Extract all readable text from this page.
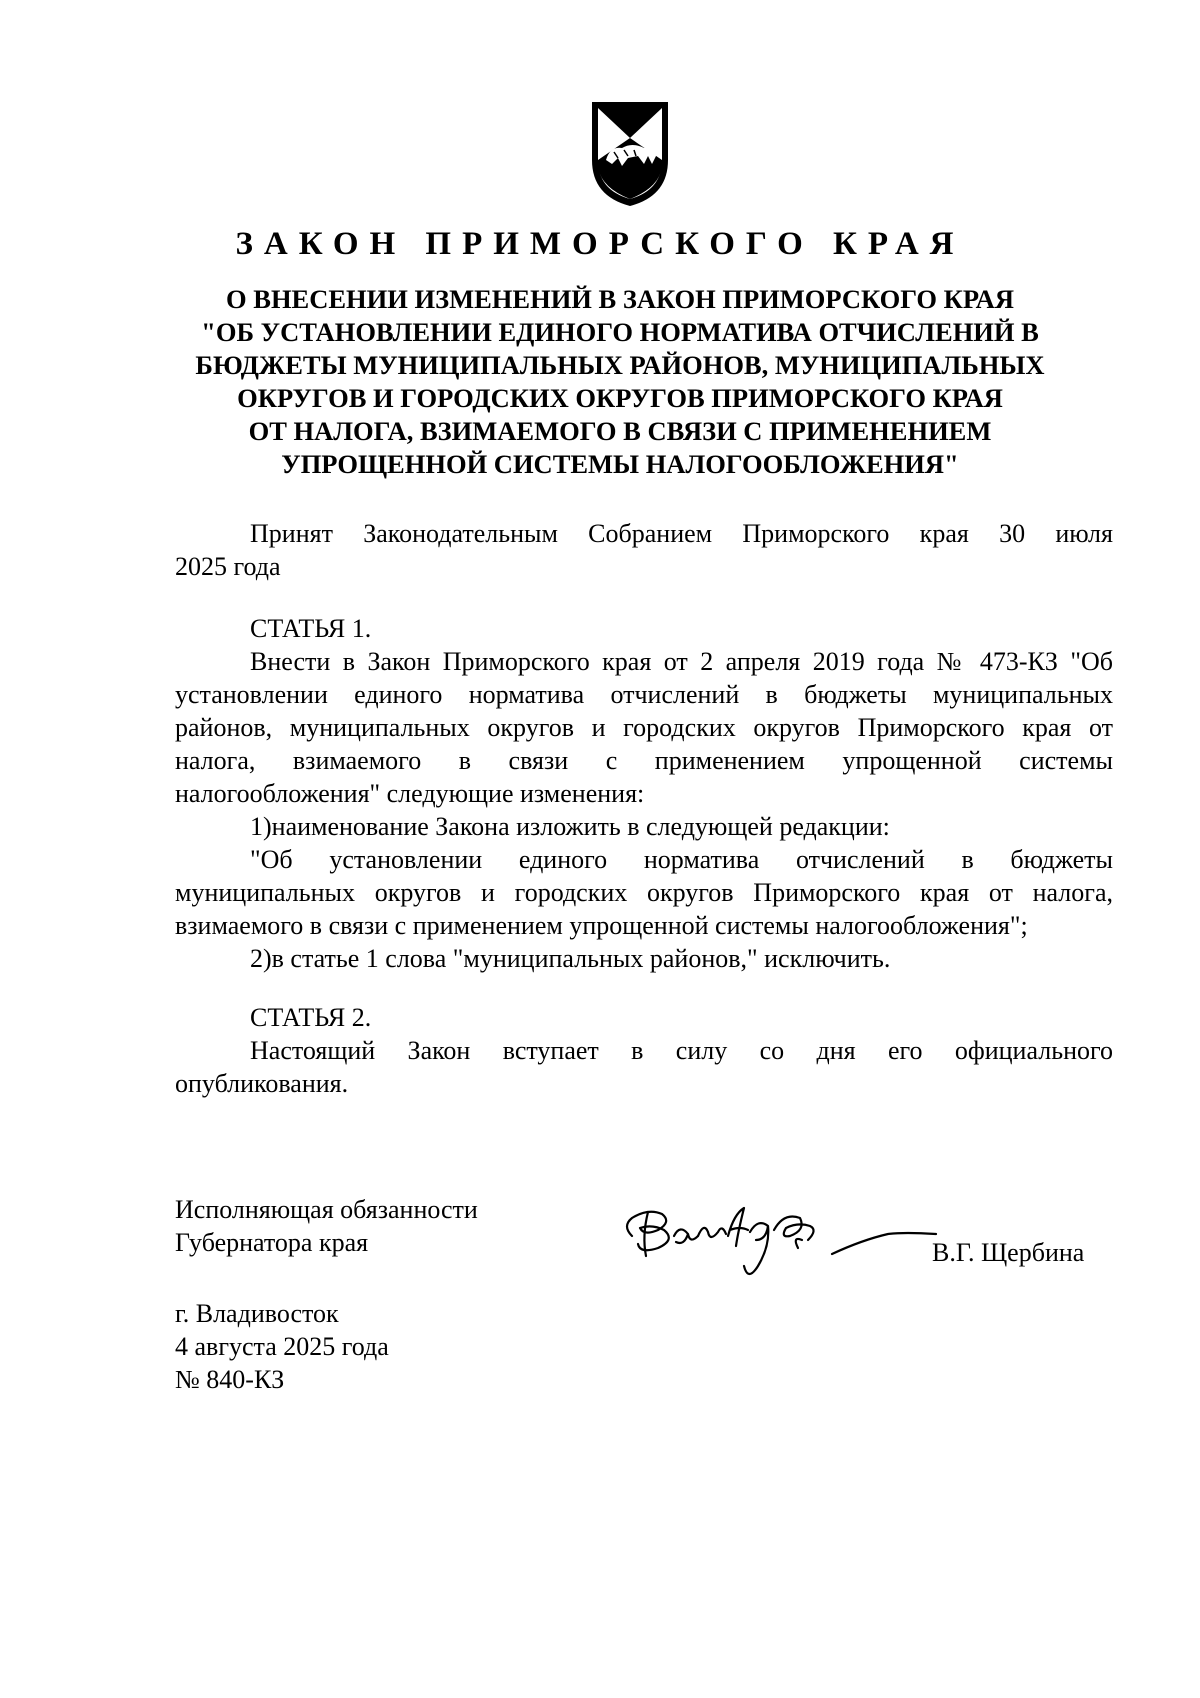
ЗАКОН ПРИМОРСКОГО КРАЯ
О ВНЕСЕНИИ ИЗМЕНЕНИЙ В ЗАКОН ПРИМОРСКОГО КРАЯ
"ОБ УСТАНОВЛЕНИИ ЕДИНОГО НОРМАТИВА ОТЧИСЛЕНИЙ В
БЮДЖЕТЫ МУНИЦИПАЛЬНЫХ РАЙОНОВ, МУНИЦИПАЛЬНЫХ
ОКРУГОВ И ГОРОДСКИХ ОКРУГОВ ПРИМОРСКОГО КРАЯ
ОТ НАЛОГА, ВЗИМАЕМОГО В СВЯЗИ С ПРИМЕНЕНИЕМ
УПРОЩЕННОЙ СИСТЕМЫ НАЛОГООБЛОЖЕНИЯ"
Принят Законодательным Собранием Приморского края 30 июля
2025 года
СТАТЬЯ 1.
Внести в Закон Приморского края от 2 апреля 2019 года № 473-КЗ "Об
установлении единого норматива отчислений в бюджеты муниципальных
районов, муниципальных округов и городских округов Приморского края от
налога, взимаемого в связи с применением упрощенной системы
налогообложения" следующие изменения:
1)наименование Закона изложить в следующей редакции:
"Об установлении единого норматива отчислений в бюджеты
муниципальных округов и городских округов Приморского края от налога,
взимаемого в связи с применением упрощенной системы налогообложения";
2)в статье 1 слова "муниципальных районов," исключить.
СТАТЬЯ 2.
Настоящий Закон вступает в силу со дня его официального
опубликования.
Исполняющая обязанности
Губернатора края	В.Г. Щербина
г. Владивосток
4 августа 2025 года
№ 840-КЗ
